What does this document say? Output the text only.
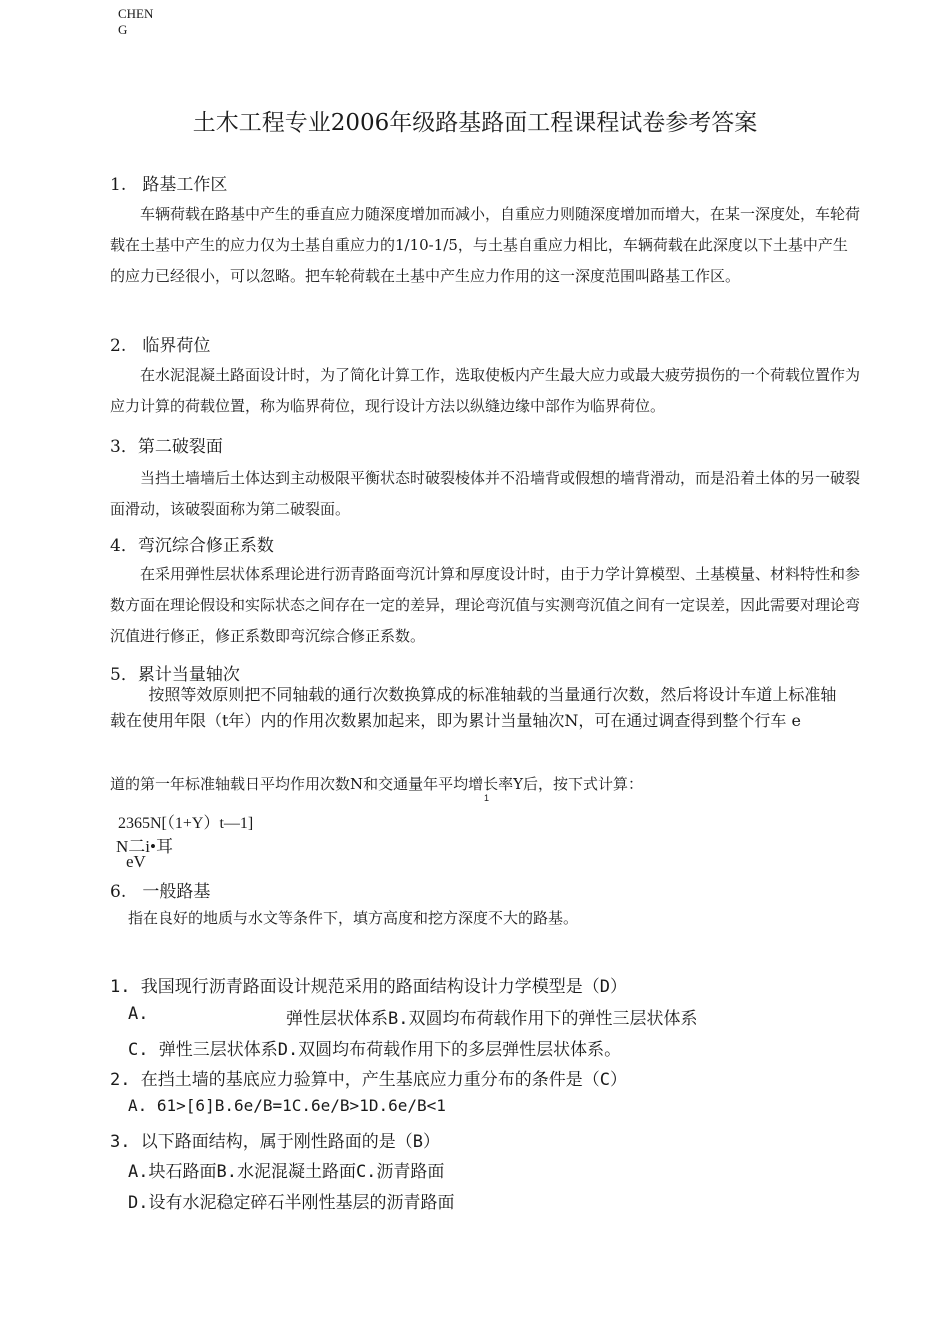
CHEN G
土木工程专业2006年级路基路面工程课程试卷参考答案
1.   路基工作区
车辆荷载在路基中产生的垂直应力随深度增加而减小，自重应力则随深度增加而增大，在某一深度处，车轮荷载在土基中产生的应力仅为土基自重应力的1/10-1/5，与土基自重应力相比，车辆荷载在此深度以下土基中产生的应力已经很小，可以忽略。把车轮荷载在土基中产生应力作用的这一深度范围叫路基工作区。
2.   临界荷位
在水泥混凝土路面设计时，为了简化计算工作，选取使板内产生最大应力或最大疲劳损伤的一个荷载位置作为应力计算的荷载位置，称为临界荷位，现行设计方法以纵缝边缘中部作为临界荷位。
3．第二破裂面
当挡土墙墙后土体达到主动极限平衡状态时破裂棱体并不沿墙背或假想的墙背滑动，而是沿着土体的另一破裂面滑动，该破裂面称为第二破裂面。
4．弯沉综合修正系数
在采用弹性层状体系理论进行沥青路面弯沉计算和厚度设计时，由于力学计算模型、土基模量、材料特性和参数方面在理论假设和实际状态之间存在一定的差异，理论弯沉值与实测弯沉值之间有一定误差，因此需要对理论弯沉值进行修正，修正系数即弯沉综合修正系数。
5．累计当量轴次
按照等效原则把不同轴载的通行次数换算成的标准轴载的当量通行次数，然后将设计车道上标准轴载在使用年限（t年）内的作用次数累加起来，即为累计当量轴次N，可在通过调查得到整个行车 e
道的第一年标准轴载日平均作用次数N和交通量年平均增长率Y后，按下式计算：
1
2365N[（1+Y）t—1]
N二i•耳
eV
6.   一般路基
指在良好的地质与水文等条件下，填方高度和挖方深度不大的路基。
1. 我国现行沥青路面设计规范采用的路面结构设计力学模型是（D）
A.	弹性层状体系B.双圆均布荷载作用下的弹性三层状体系
C. 弹性三层状体系D.双圆均布荷载作用下的多层弹性层状体系。
2. 在挡土墙的基底应力验算中，产生基底应力重分布的条件是（C）
A. 61>[6]B.6e/B=1C.6e/B>1D.6e/B<1
3. 以下路面结构，属于刚性路面的是（B）
A.块石路面B.水泥混凝土路面C.沥青路面
D.设有水泥稳定碎石半刚性基层的沥青路面
